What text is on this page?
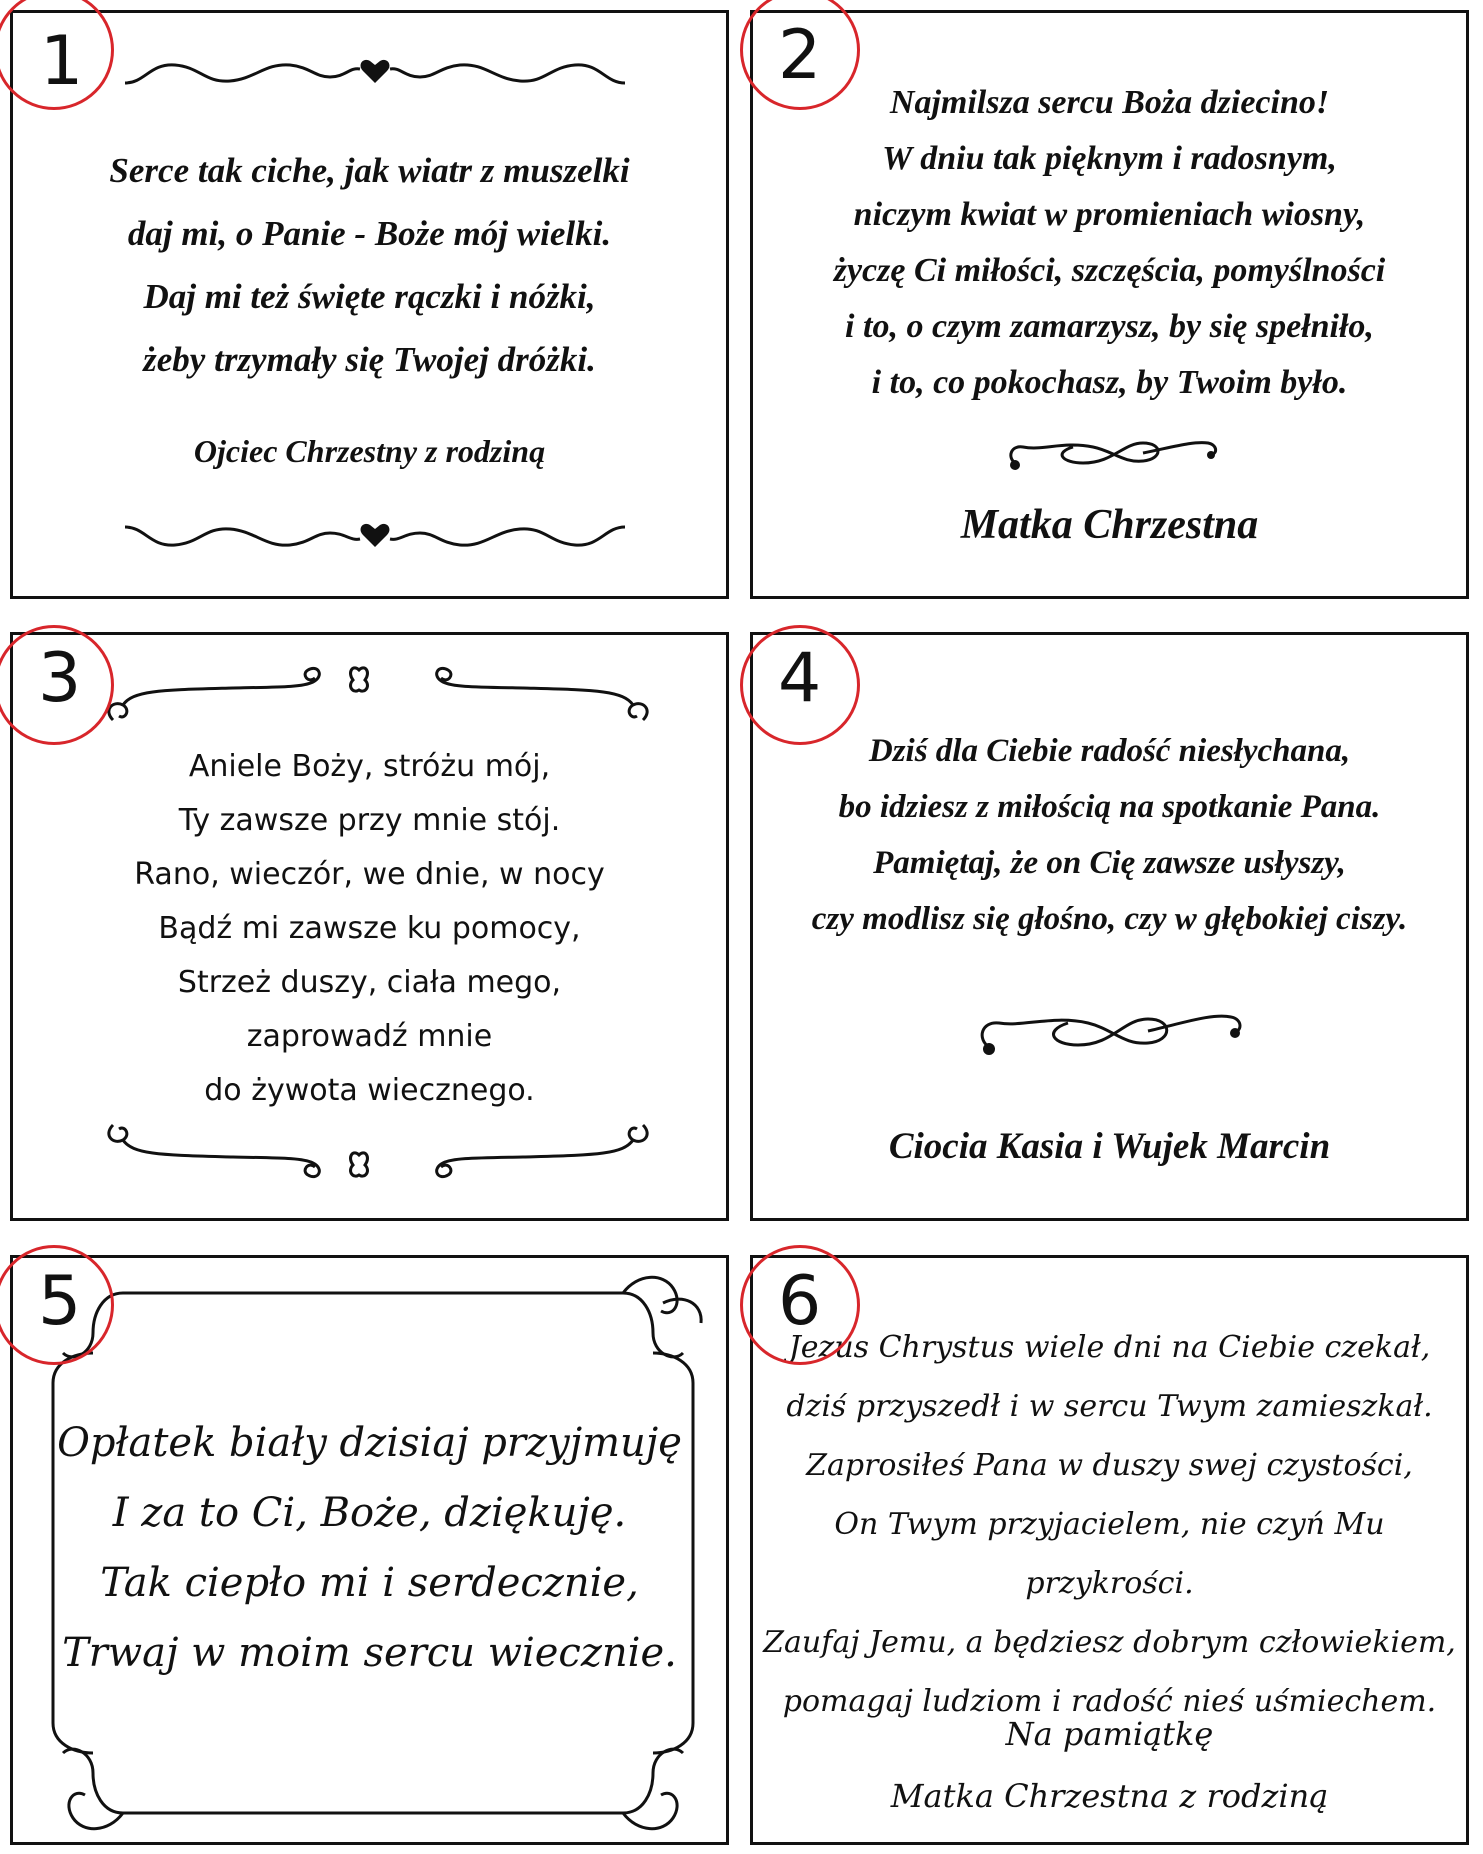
Serce tak ciche, jak wiatr z muszelki
daj mi, o Panie - Boże mój wielki.
Daj mi też święte rączki i nóżki,
żeby trzymały się Twojej dróżki.
Ojciec Chrzestny z rodziną
1
Najmilsza sercu Boża dziecino!
W dniu tak pięknym i radosnym,
niczym kwiat w promieniach wiosny,
życzę Ci miłości, szczęścia, pomyślności
i to, o czym zamarzysz, by się spełniło,
i to, co pokochasz, by Twoim było.
Matka Chrzestna
2
Aniele Boży, stróżu mój,
Ty zawsze przy mnie stój.
Rano, wieczór, we dnie, w nocy
Bądź mi zawsze ku pomocy,
Strzeż duszy, ciała mego,
zaprowadź mnie
do żywota wiecznego.
3
Dziś dla Ciebie radość niesłychana,
bo idziesz z miłością na spotkanie Pana.
Pamiętaj, że on Cię zawsze usłyszy,
czy modlisz się głośno, czy w głębokiej ciszy.
Ciocia Kasia i Wujek Marcin
4
Opłatek biały dzisiaj przyjmuję
I za to Ci, Boże, dziękuję.
Tak ciepło mi i serdecznie,
Trwaj w moim sercu wiecznie.
5
Jezus Chrystus wiele dni na Ciebie czekał,
dziś przyszedł i w sercu Twym zamieszkał.
Zaprosiłeś Pana w duszy swej czystości,
On Twym przyjacielem, nie czyń Mu przykrości.
Zaufaj Jemu, a będziesz dobrym człowiekiem,
pomagaj ludziom i radość nieś uśmiechem.
Na pamiątkę
Matka Chrzestna z rodziną
6
